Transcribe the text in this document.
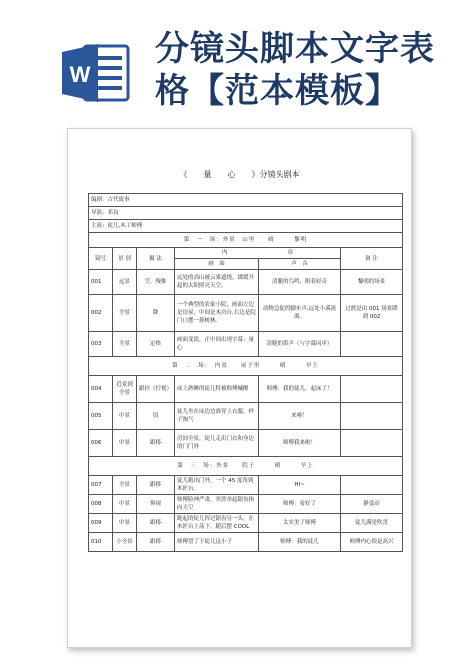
W
分镜头脚本文字表格【范本模板】
《　　量　　心　　》分镜头剧本
编剧：古代故事					
导演：邓良					
主演：徒儿,木工师傅					
第　一　场：外景　山里　　晴　　　黎明					
镜号	景 别	摄 法	内 容		备 注
			画　面	声　音	
001	远景	空，慢推	远处的高山被云雾遮绕，缓缓升起的太阳照亮天空。	清脆的鸟鸣，附着轻音	黎明的场景
002	全景	降	一个典型的农家小院，画面左边是房屋，中间是木房台,右边是院门口摆一簇树林。	动物急促的脚步声,远处小溪流淌。	过渡是由 001 场景降到 002
003	全景	定格	画面变淡，正中间出现字幕：量心	清脆的笛声（与字幕同步）	
第　二　场：　内景　　屋子里　　　晴　　　早上					
004	近景到全景	跟拉（拧视）	床上熟睡的徒儿特被师傅喊醒	师傅：我的徒儿，起床了！	
005	中景	切	徒儿坐在床边边准穿上衣服，样子淘气	来啦！	
006	中景	跟移	房间全景，徒儿走出门衣和身边的门门外	师傅我来啦！	
第　三　场：外景　　院子　　　晴　　　早上					
007	全景	跟移	徒儿跑出门外，一个 45 度角到木匠台。	HI~	
008	中景	仰视	师傅脸神严肃，突然举起锯齿指向天空	师傅：看好了	静变动
009	中景	跟移	跪起的徒儿挥过锯齿另一头，在木匠台上荡下，随后摆 COOL	太实美了师傅	徒儿满是吹喜
010	小全景	跟移	师傅望了下徒儿这小子	师傅：我的徒儿	师傅内心很是高兴
